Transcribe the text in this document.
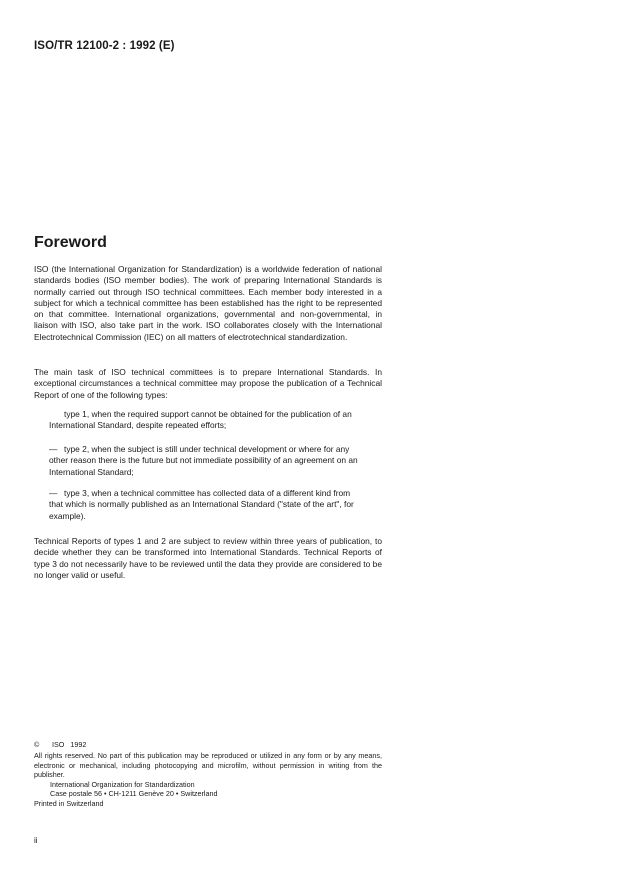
ISO/TR 12100-2 : 1992 (E)
Foreword

ISO (the International Organization for Standardization) is a worldwide federation of national standards bodies (ISO member bodies). The work of preparing International Standards is normally carried out through ISO technical committees. Each member body interested in a subject for which a technical committee has been established has the right to be represented on that committee. International organizations, governmental and non-governmental, in liaison with ISO, also take part in the work. ISO collaborates closely with the International Electrotechnical Commission (IEC) on all matters of electrotechnical standardization.

The main task of ISO technical committees is to prepare International Standards. In exceptional circumstances a technical committee may propose the publication of a Technical Report of one of the following types:

type 1, when the required support cannot be obtained for the publication of an
International Standard, despite repeated efforts;
— type 2, when the subject is still under technical development or where for any
other reason there is the future but not immediate possibility of an agreement on an International Standard;
— type 3, when a technical committee has collected data of a different kind from
that which is normally published as an International Standard ("state of the art", for example).

Technical Reports of types 1 and 2 are subject to review within three years of publication, to decide whether they can be transformed into International Standards. Technical Reports of type 3 do not necessarily have to be reviewed until the data they provide are considered to be no longer valid or useful.

© ISO   1992
All rights reserved. No part of this publication may be reproduced or utilized in any form or by any means, electronic or mechanical, including photocopying and microfilm, without permission in writing from the publisher.
International Organization for Standardization
Case postale 56 • CH-1211 Genève 20 • Switzerland
Printed in Switzerland
ii
